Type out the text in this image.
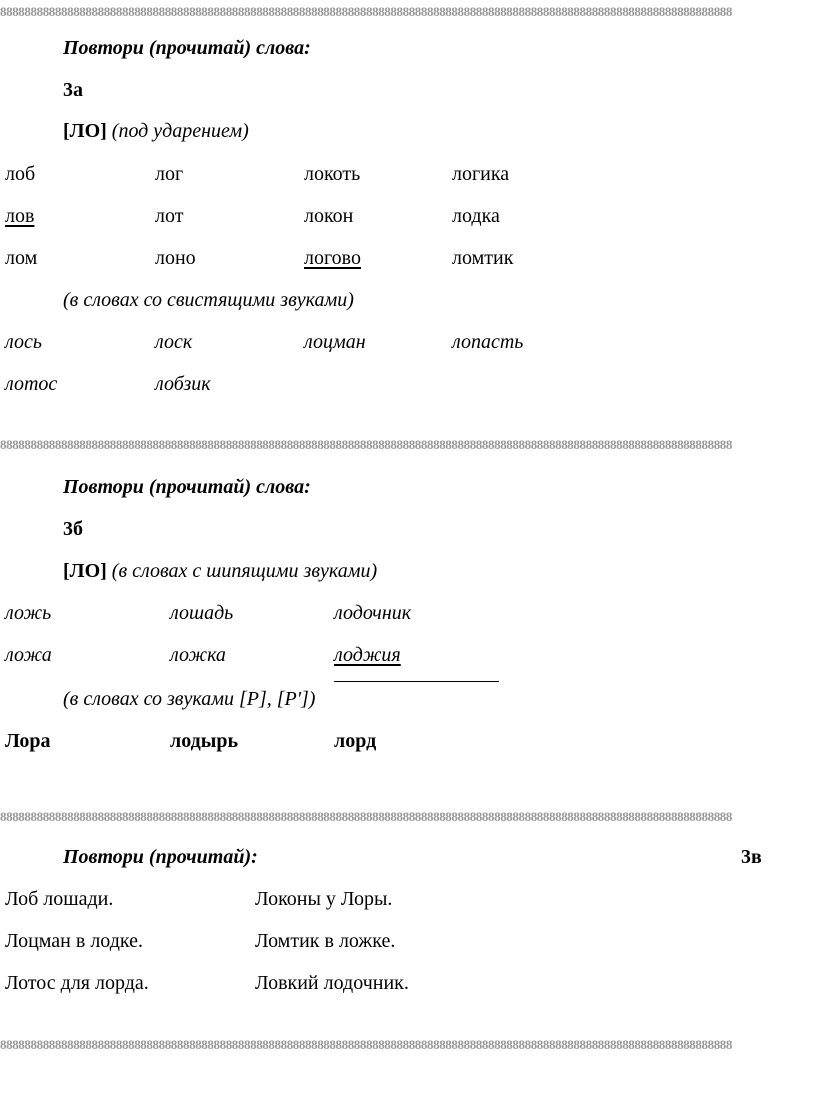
888888888888888888888888888888888888888888888888888888888888888888888888888888888888888888888888888888888888888888888888
Повтори (прочитай) слова:
3а
[ЛО] (под ударением)
лоб	лог	локоть	логика
лов	лот	локон	лодка
лом	лоно	логово	ломтик
(в словах со свистящими звуками)
лось	лоск	лоцман	лопасть
лотос	лобзик
888888888888888888888888888888888888888888888888888888888888888888888888888888888888888888888888888888888888888888888888
Повтори (прочитай) слова:
3б
[ЛО] (в словах с шипящими звуками)
ложь	лошадь	лодочник
ложа	ложка	лоджия
(в словах со звуками [Р], [Р'])
Лора	лодырь	лорд
888888888888888888888888888888888888888888888888888888888888888888888888888888888888888888888888888888888888888888888888
Повтори (прочитай):	3в
Лоб лошади.	Локоны у Лоры.
Лоцман в лодке.	Ломтик в ложке.
Лотос для лорда.	Ловкий лодочник.
888888888888888888888888888888888888888888888888888888888888888888888888888888888888888888888888888888888888888888888888
